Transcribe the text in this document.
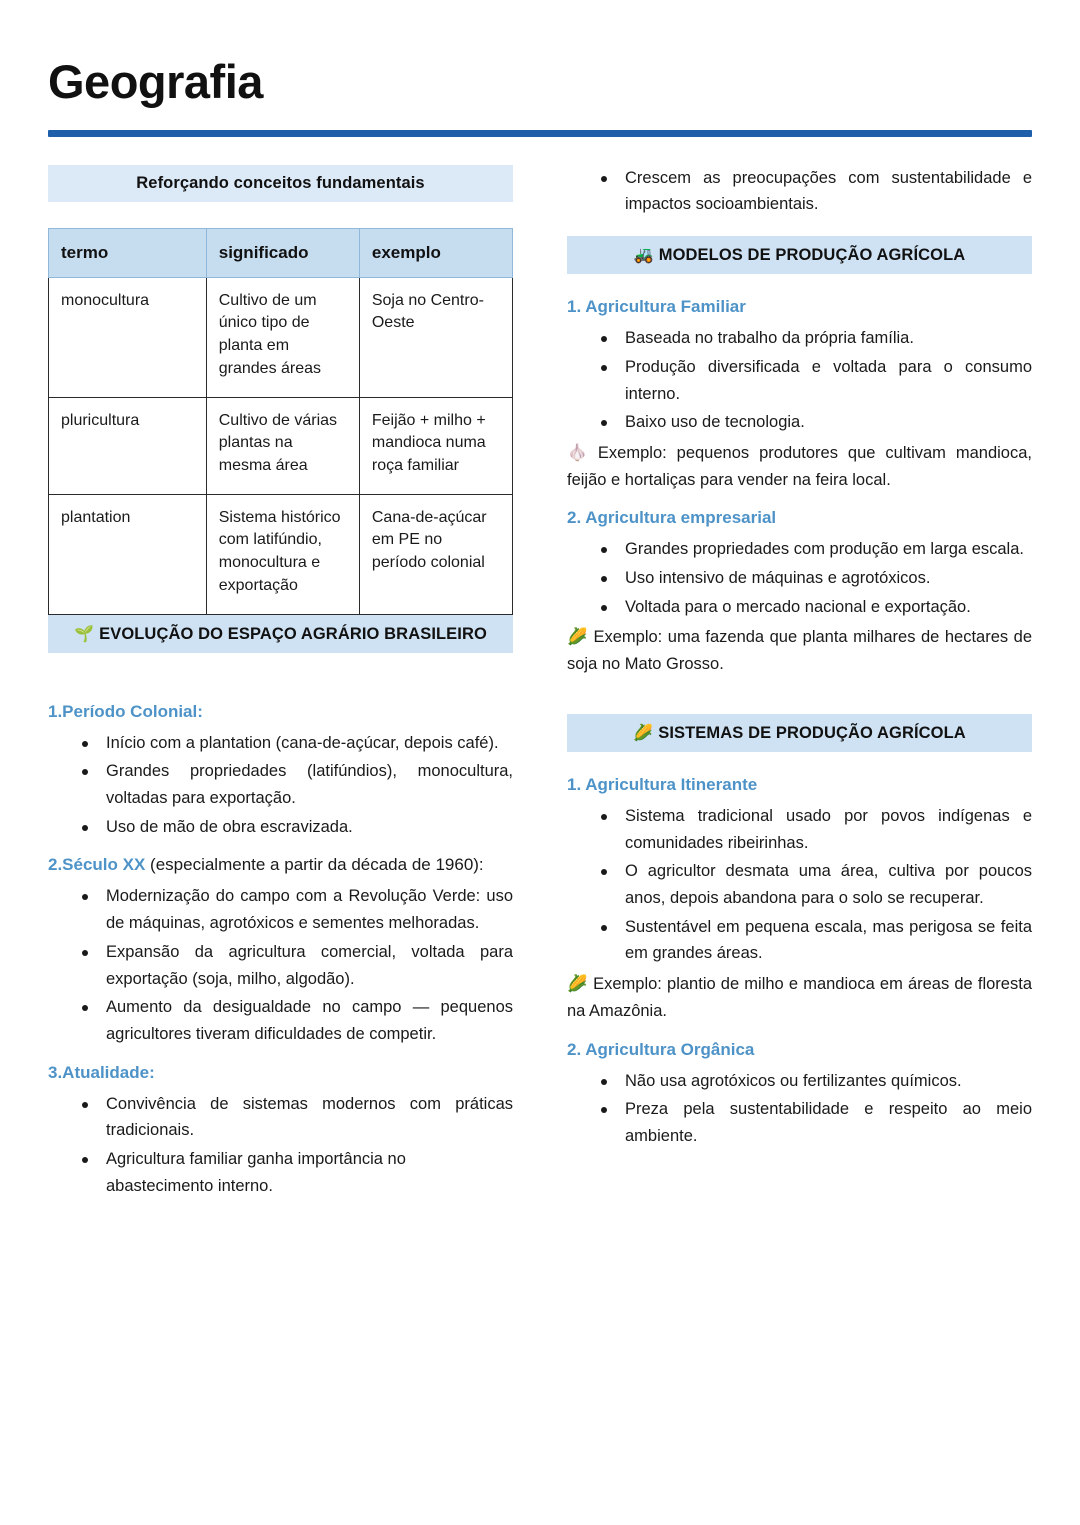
Geografia
Reforçando conceitos fundamentais
termo	significado	exemplo
monocultura	Cultivo de um único tipo de planta em grandes áreas	Soja no Centro-Oeste
pluricultura	Cultivo de várias plantas na mesma área	Feijão + milho + mandioca numa roça familiar
plantation	Sistema histórico com latifúndio, monocultura e exportação	Cana-de-açúcar em PE no período colonial
🌱 EVOLUÇÃO DO ESPAÇO AGRÁRIO BRASILEIRO
1.Período Colonial:
Início com a plantation (cana-de-açúcar, depois café).
Grandes propriedades (latifúndios), monocultura, voltadas para exportação.
Uso de mão de obra escravizada.
2.Século XX (especialmente a partir da década de 1960):
Modernização do campo com a Revolução Verde: uso de máquinas, agrotóxicos e sementes melhoradas.
Expansão da agricultura comercial, voltada para exportação (soja, milho, algodão).
Aumento da desigualdade no campo — pequenos agricultores tiveram dificuldades de competir.
3.Atualidade:
Convivência de sistemas modernos com práticas tradicionais.
Agricultura familiar ganha importância no abastecimento interno.
Crescem as preocupações com sustentabilidade e impactos socioambientais.
🚜 MODELOS DE PRODUÇÃO AGRÍCOLA
1. Agricultura Familiar
Baseada no trabalho da própria família.
Produção diversificada e voltada para o consumo interno.
Baixo uso de tecnologia.
🧄 Exemplo: pequenos produtores que cultivam mandioca, feijão e hortaliças para vender na feira local.
2. Agricultura empresarial
Grandes propriedades com produção em larga escala.
Uso intensivo de máquinas e agrotóxicos.
Voltada para o mercado nacional e exportação.
🌽 Exemplo: uma fazenda que planta milhares de hectares de soja no Mato Grosso.
🌽 SISTEMAS DE PRODUÇÃO AGRÍCOLA
1. Agricultura Itinerante
Sistema tradicional usado por povos indígenas e comunidades ribeirinhas.
O agricultor desmata uma área, cultiva por poucos anos, depois abandona para o solo se recuperar.
Sustentável em pequena escala, mas perigosa se feita em grandes áreas.
🌽 Exemplo: plantio de milho e mandioca em áreas de floresta na Amazônia.
2. Agricultura Orgânica
Não usa agrotóxicos ou fertilizantes químicos.
Preza pela sustentabilidade e respeito ao meio ambiente.
